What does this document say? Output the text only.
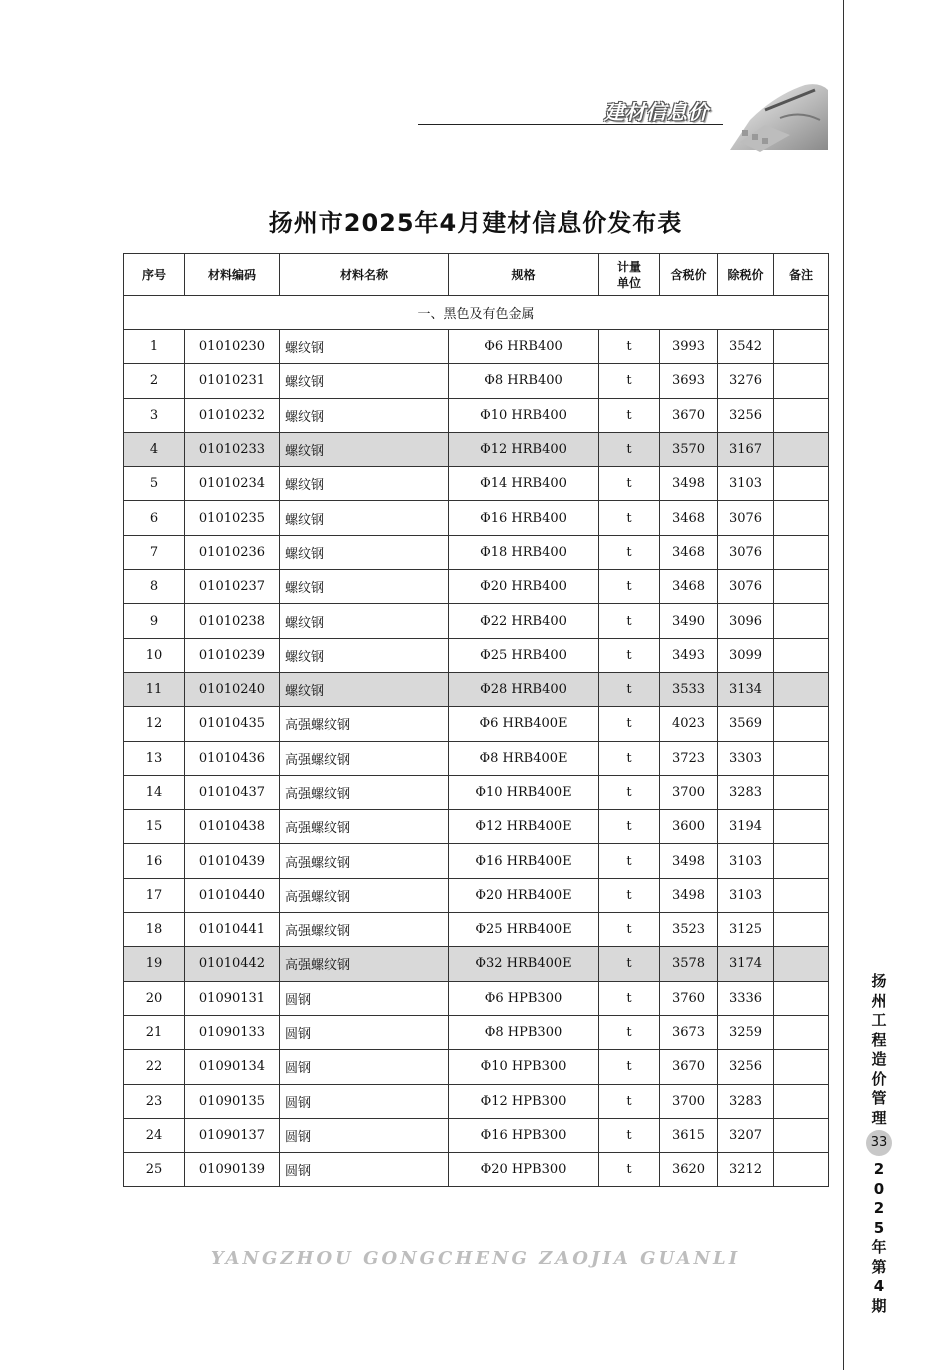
建材信息价
扬州市2025年4月建材信息价发布表
序号	材料编码	材料名称	规格	计量单位	含税价	除税价	备注
一、黑色及有色金属							
1	01010230	螺纹钢	Φ6 HRB400	t	3993	3542	
2	01010231	螺纹钢	Φ8 HRB400	t	3693	3276	
3	01010232	螺纹钢	Φ10 HRB400	t	3670	3256	
4	01010233	螺纹钢	Φ12 HRB400	t	3570	3167	
5	01010234	螺纹钢	Φ14 HRB400	t	3498	3103	
6	01010235	螺纹钢	Φ16 HRB400	t	3468	3076	
7	01010236	螺纹钢	Φ18 HRB400	t	3468	3076	
8	01010237	螺纹钢	Φ20 HRB400	t	3468	3076	
9	01010238	螺纹钢	Φ22 HRB400	t	3490	3096	
10	01010239	螺纹钢	Φ25 HRB400	t	3493	3099	
11	01010240	螺纹钢	Φ28 HRB400	t	3533	3134	
12	01010435	高强螺纹钢	Φ6 HRB400E	t	4023	3569	
13	01010436	高强螺纹钢	Φ8 HRB400E	t	3723	3303	
14	01010437	高强螺纹钢	Φ10 HRB400E	t	3700	3283	
15	01010438	高强螺纹钢	Φ12 HRB400E	t	3600	3194	
16	01010439	高强螺纹钢	Φ16 HRB400E	t	3498	3103	
17	01010440	高强螺纹钢	Φ20 HRB400E	t	3498	3103	
18	01010441	高强螺纹钢	Φ25 HRB400E	t	3523	3125	
19	01010442	高强螺纹钢	Φ32 HRB400E	t	3578	3174	
20	01090131	圆钢	Φ6 HPB300	t	3760	3336	
21	01090133	圆钢	Φ8 HPB300	t	3673	3259	
22	01090134	圆钢	Φ10 HPB300	t	3670	3256	
23	01090135	圆钢	Φ12 HPB300	t	3700	3283	
24	01090137	圆钢	Φ16 HPB300	t	3615	3207	
25	01090139	圆钢	Φ20 HPB300	t	3620	3212	
YANGZHOU GONGCHENG ZAOJIA GUANLI
扬州工程造价管理
33
2025年第4期
